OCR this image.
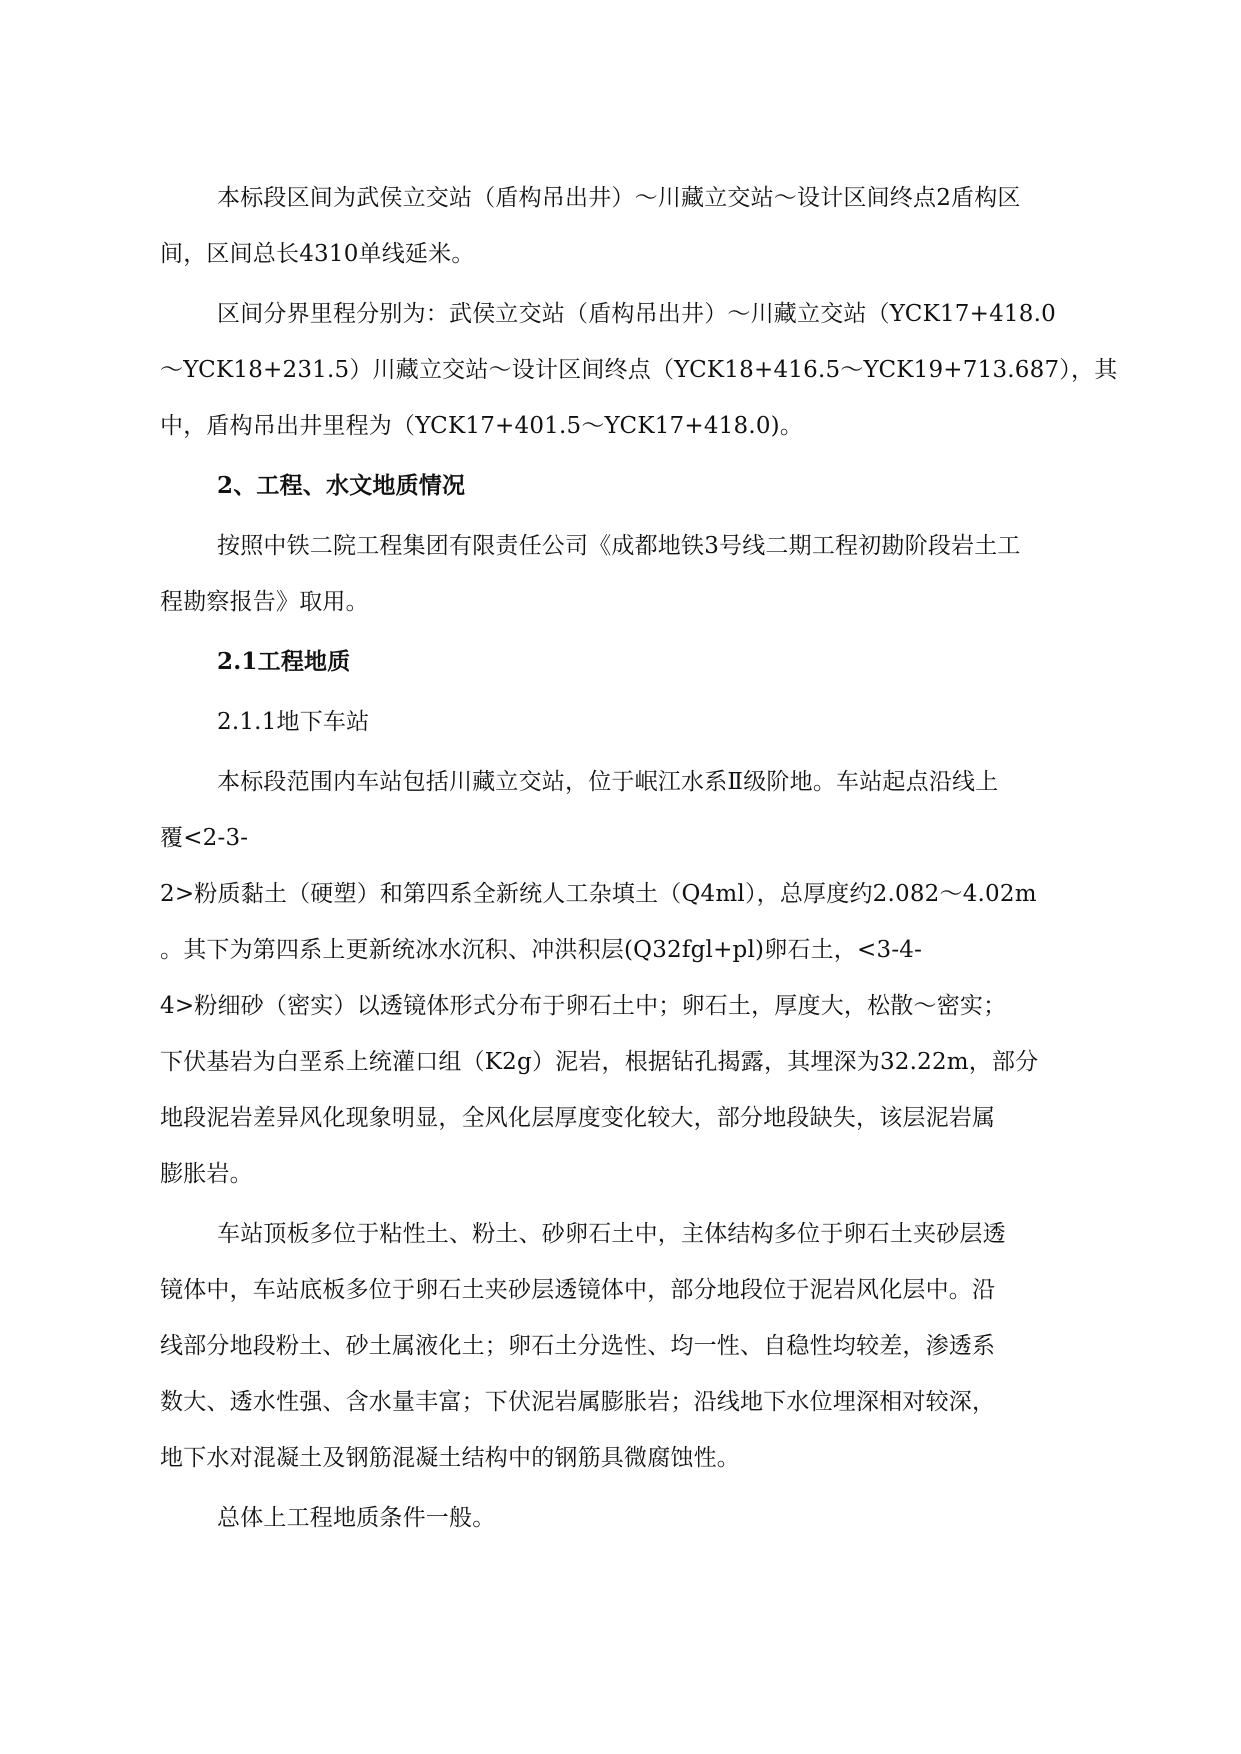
本标段区间为武侯立交站（盾构吊出井）～川藏立交站～设计区间终点2盾构区
间，区间总长4310单线延米。
区间分界里程分别为：武侯立交站（盾构吊出井）～川藏立交站（YCK17+418.0
～YCK18+231.5）川藏立交站～设计区间终点（YCK18+416.5～YCK19+713.687），其
中，盾构吊出井里程为（YCK17+401.5～YCK17+418.0)。
2、工程、水文地质情况
按照中铁二院工程集团有限责任公司《成都地铁3号线二期工程初勘阶段岩土工
程勘察报告》取用。
2.1工程地质
2.1.1地下车站
本标段范围内车站包括川藏立交站，位于岷江水系Ⅱ级阶地。车站起点沿线上
覆<2-3-
2>粉质黏土（硬塑）和第四系全新统人工杂填土（Q4ml），总厚度约2.082～4.02m
。其下为第四系上更新统冰水沉积、冲洪积层(Q32fgl+pl)卵石土，<3-4-
4>粉细砂（密实）以透镜体形式分布于卵石土中；卵石土，厚度大，松散～密实；
下伏基岩为白垩系上统灌口组（K2g）泥岩，根据钻孔揭露，其埋深为32.22m，部分
地段泥岩差异风化现象明显，全风化层厚度变化较大，部分地段缺失，该层泥岩属
膨胀岩。
车站顶板多位于粘性土、粉土、砂卵石土中，主体结构多位于卵石土夹砂层透
镜体中，车站底板多位于卵石土夹砂层透镜体中，部分地段位于泥岩风化层中。沿
线部分地段粉土、砂土属液化土；卵石土分选性、均一性、自稳性均较差，渗透系
数大、透水性强、含水量丰富；下伏泥岩属膨胀岩；沿线地下水位埋深相对较深，
地下水对混凝土及钢筋混凝土结构中的钢筋具微腐蚀性。
总体上工程地质条件一般。
